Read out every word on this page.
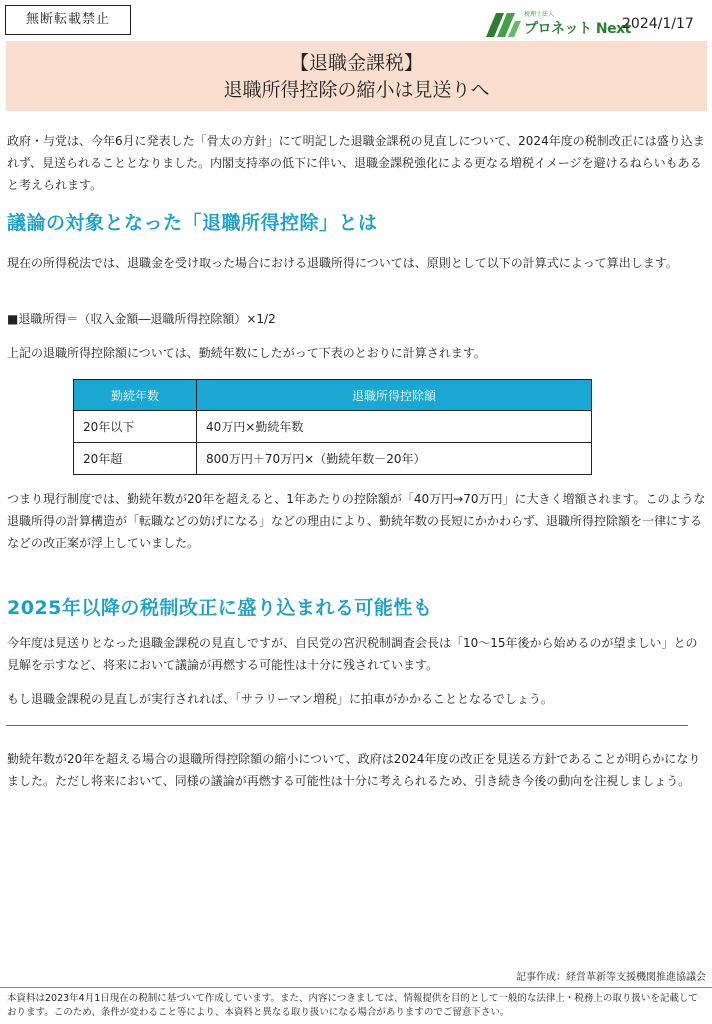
無断転載禁止	税理士法人
プロネット Next
2024/1/17
【退職金課税】
退職所得控除の縮小は見送りへ
政府・与党は、今年6月に発表した「骨太の方針」にて明記した退職金課税の見直しについて、2024年度の税制改正には盛り込まれず、見送られることとなりました。内閣支持率の低下に伴い、退職金課税強化による更なる増税イメージを避けるねらいもあると考えられます。
議論の対象となった「退職所得控除」とは
現在の所得税法では、退職金を受け取った場合における退職所得については、原則として以下の計算式によって算出します。
■退職所得＝（収入金額―退職所得控除額）×1/2
上記の退職所得控除額については、勤続年数にしたがって下表のとおりに計算されます。
勤続年数	退職所得控除額
20年以下	40万円×勤続年数
20年超	800万円＋70万円×（勤続年数－20年）
つまり現行制度では、勤続年数が20年を超えると、1年あたりの控除額が「40万円→70万円」に大きく増額されます。このような退職所得の計算構造が「転職などの妨げになる」などの理由により、勤続年数の長短にかかわらず、退職所得控除額を一律にするなどの改正案が浮上していました。
2025年以降の税制改正に盛り込まれる可能性も
今年度は見送りとなった退職金課税の見直しですが、自民党の宮沢税制調査会長は「10～15年後から始めるのが望ましい」との見解を示すなど、将来において議論が再燃する可能性は十分に残されています。
もし退職金課税の見直しが実行されれば、「サラリーマン増税」に拍車がかかることとなるでしょう。
勤続年数が20年を超える場合の退職所得控除額の縮小について、政府は2024年度の改正を見送る方針であることが明らかになりました。ただし将来において、同様の議論が再燃する可能性は十分に考えられるため、引き続き今後の動向を注視しましょう。
記事作成：経営革新等支援機関推進協議会
本資料は2023年4月1日現在の税制に基づいて作成しています。また、内容につきましては、情報提供を目的として一般的な法律上・税務上の取り扱いを記載しております。このため、条件が変わること等により、本資料と異なる取り扱いになる場合がありますのでご留意下さい。
